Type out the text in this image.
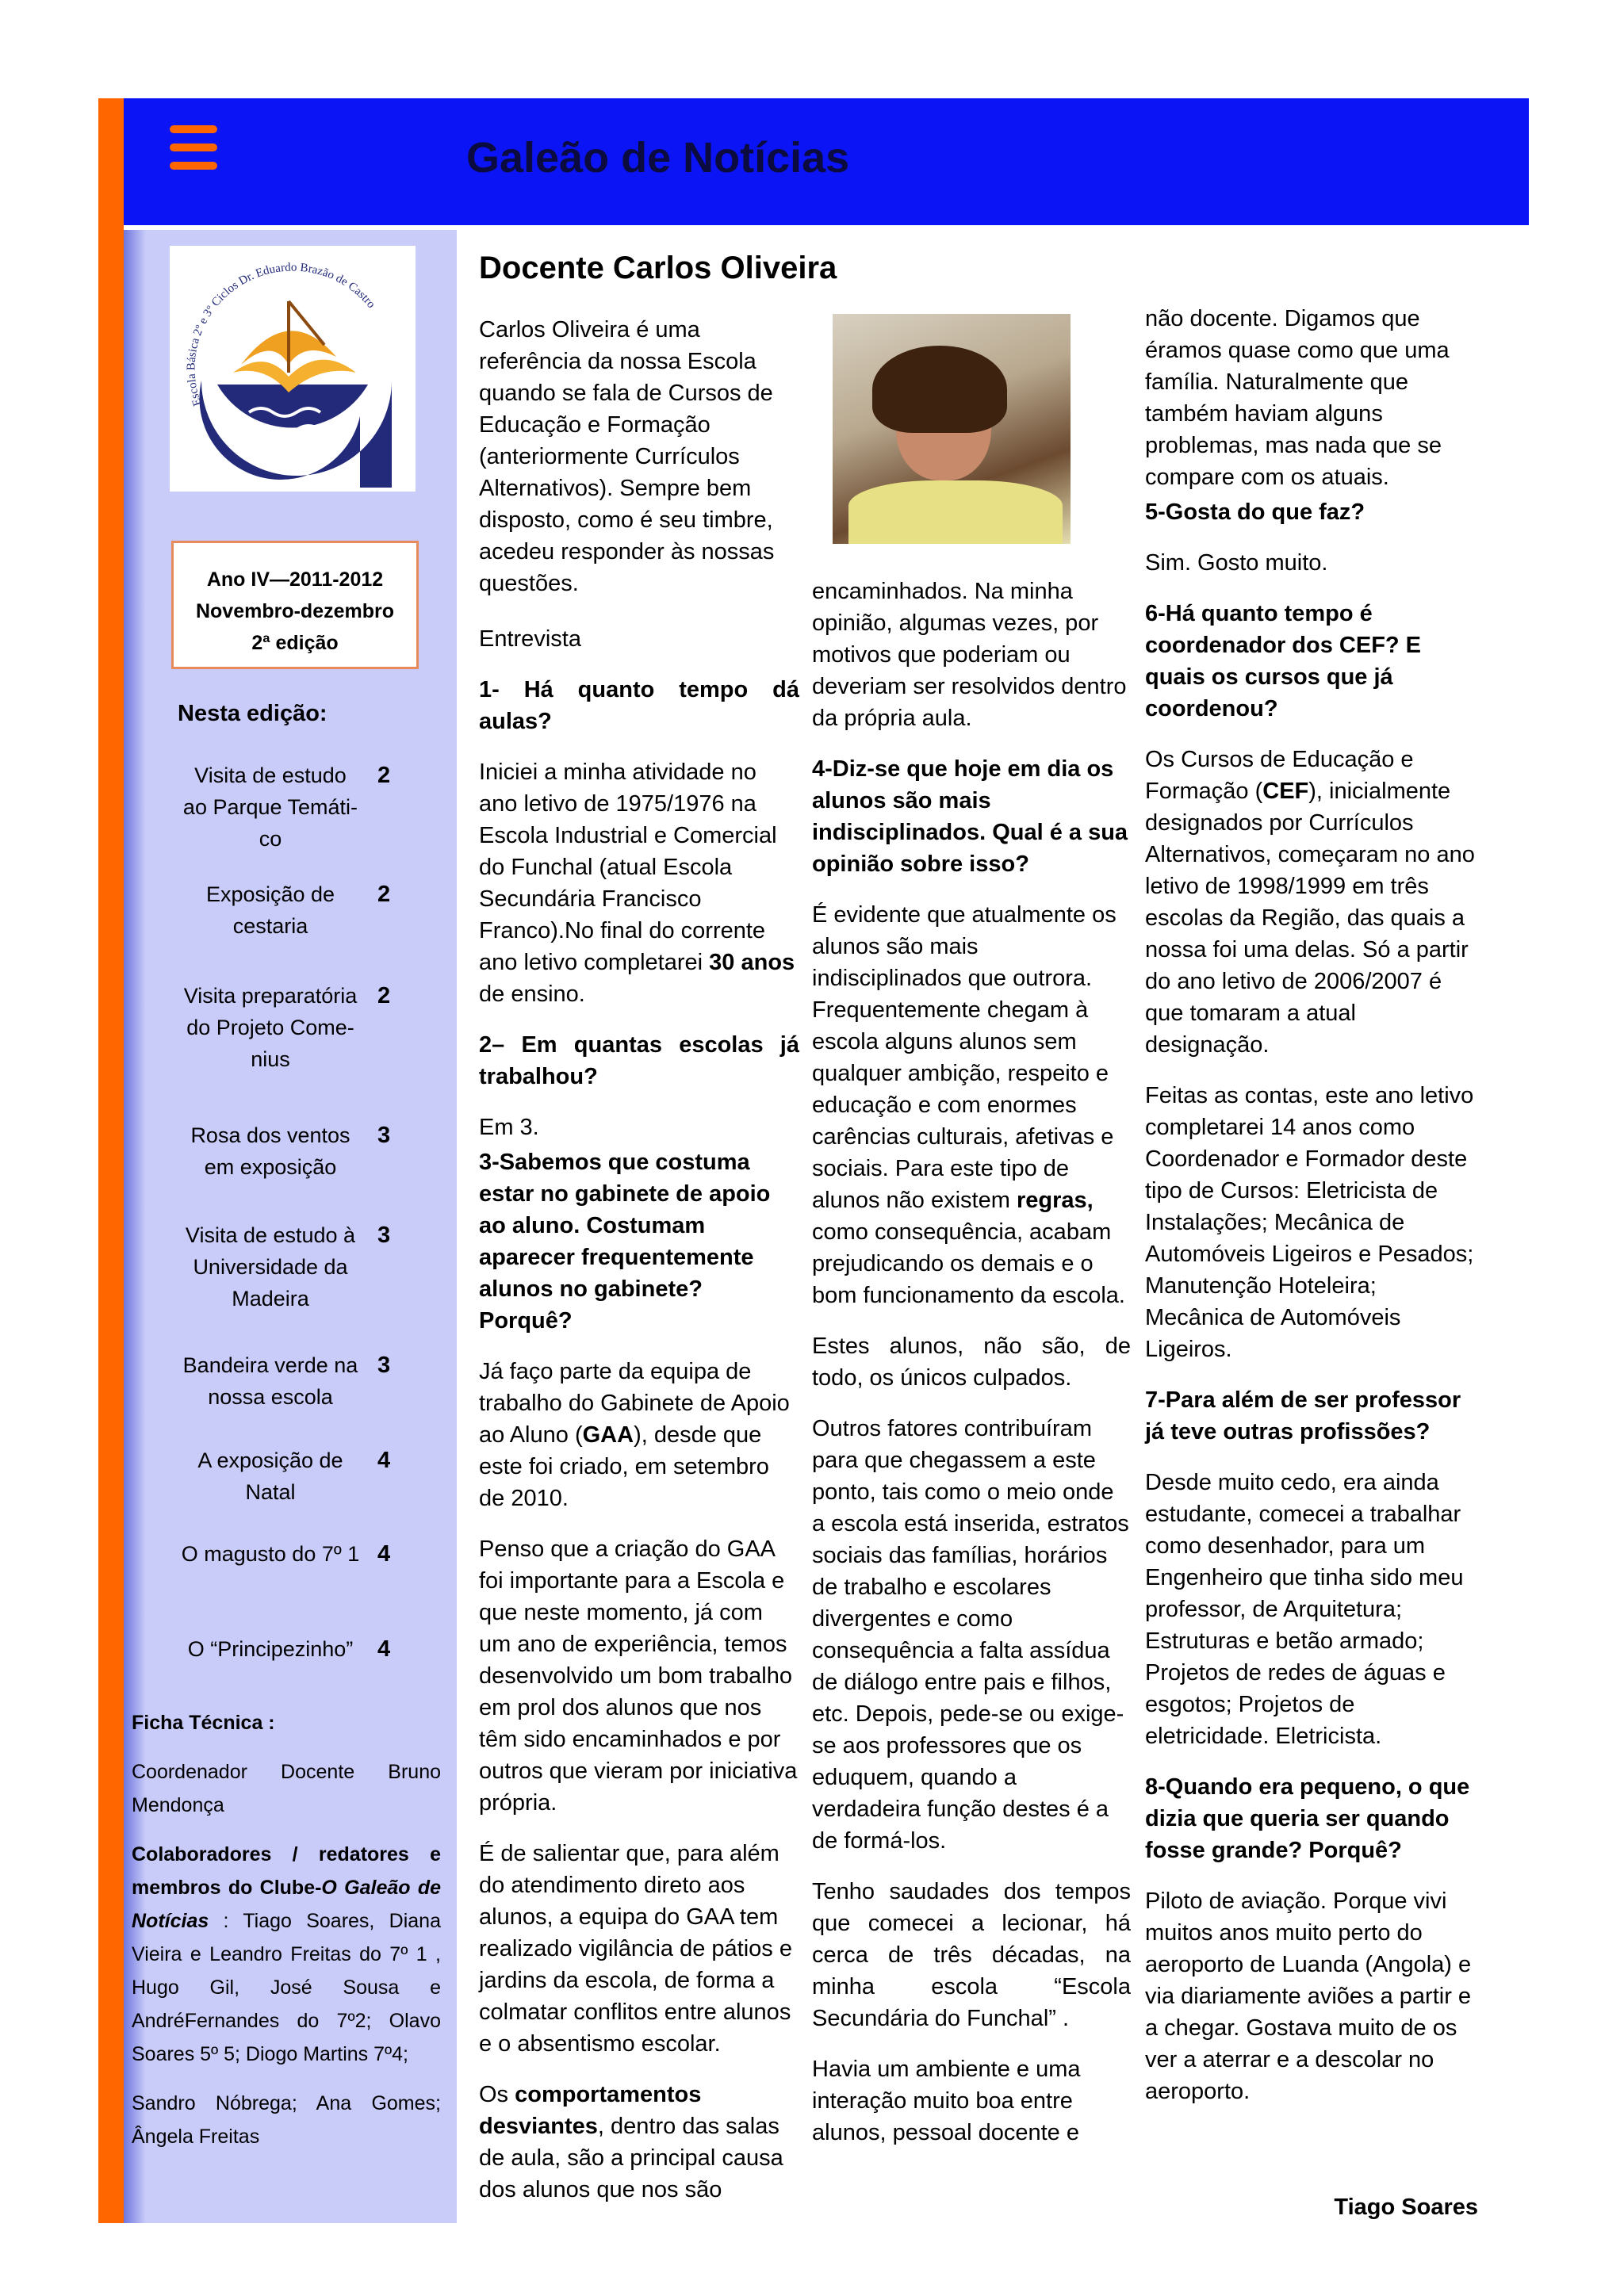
Galeão de Notícias
Escola Básica 2º e 3º Ciclos Dr. Eduardo Brazão de Castro
Ano IV—2011-2012
Novembro-dezembro
2ª edição
Nesta edição:
Visita de estudo
ao Parque Temáti-
co
2
Exposição de
cestaria
2
Visita preparatória
do Projeto Come-
nius
2
Rosa dos ventos
em exposição
3
Visita de estudo à
Universidade da
Madeira
3
Bandeira verde na
nossa escola
3
A exposição de
Natal
4
O magusto do 7º 1 4
O “Principezinho”	4
Ficha Técnica :
Coordenador Docente Bruno Mendonça
Colaboradores / redatores e membros do Clube-O Galeão de Notícias : Tiago Soares, Diana Vieira e Leandro Freitas do 7º 1 , Hugo Gil, José Sousa e AndréFernandes do 7º2; Olavo Soares 5º 5; Diogo Martins 7º4;
Sandro Nóbrega; Ana Gomes; Ângela Freitas
Docente Carlos Oliveira

Carlos Oliveira é uma referência da nossa Escola quando se fala de Cursos de Educação e Formação (anteriormente Currículos Alternativos). Sempre bem disposto, como é seu timbre, acedeu responder às nossas questões.

Entrevista

1- Há quanto tempo dá aulas?

Iniciei a minha atividade no ano letivo de 1975/1976 na Escola Industrial e Comercial do Funchal (atual Escola Secundária Francisco Franco).No final do corrente ano letivo completarei 30 anos de ensino.

2– Em quantas escolas já trabalhou?

Em 3.

3-Sabemos que costuma estar no gabinete de apoio ao aluno. Costumam aparecer frequentemente alunos no gabinete? Porquê?

Já faço parte da equipa de trabalho do Gabinete de Apoio ao Aluno (GAA), desde que este foi criado, em setembro de 2010.

Penso que a criação do GAA foi importante para a Escola e que neste momento, já com um ano de experiência, temos desenvolvido um bom trabalho em prol dos alunos que nos têm sido encaminhados e por outros que vieram por iniciativa própria.

É de salientar que, para além do atendimento direto aos alunos, a equipa do GAA tem realizado vigilância de pátios e jardins da escola, de forma a colmatar conflitos entre alunos e o absentismo escolar.

Os comportamentos desviantes, dentro das salas de aula, são a principal causa dos alunos que nos são

encaminhados. Na minha opinião, algumas vezes, por motivos que poderiam ou deveriam ser resolvidos dentro da própria aula.

4-Diz-se que hoje em dia os alunos são mais indisciplinados. Qual é a sua opinião sobre isso?

É evidente que atualmente os alunos são mais indisciplinados que outrora. Frequentemente chegam à escola alguns alunos sem qualquer ambição, respeito e educação e com enormes carências culturais, afetivas e sociais. Para este tipo de alunos não existem regras, como consequência, acabam prejudicando os demais e o bom funcionamento da escola.

Estes alunos, não são, de todo, os únicos culpados.

Outros fatores contribuíram para que chegassem a este ponto, tais como o meio onde a escola está inserida, estratos sociais das famílias, horários de trabalho e escolares divergentes e como consequência a falta assídua de diálogo entre pais e filhos, etc. Depois, pede-se ou exige-se aos professores que os eduquem, quando a verdadeira função destes é a de formá-los.

Tenho saudades dos tempos que comecei a lecionar, há cerca de três décadas, na minha escola “Escola Secundária do Funchal” .

Havia um ambiente e uma interação muito boa entre alunos, pessoal docente e

não docente. Digamos que éramos quase como que uma família. Naturalmente que também haviam alguns problemas, mas nada que se compare com os atuais.

5-Gosta do que faz?

Sim. Gosto muito.

6-Há quanto tempo é coordenador dos CEF? E quais os cursos que já coordenou?

Os Cursos de Educação e Formação (CEF), inicialmente designados por Currículos Alternativos, começaram no ano letivo de 1998/1999 em três escolas da Região, das quais a nossa foi uma delas. Só a partir do ano letivo de 2006/2007 é que tomaram a atual designação.

Feitas as contas, este ano letivo completarei 14 anos como Coordenador e Formador deste tipo de Cursos: Eletricista de Instalações; Mecânica de Automóveis Ligeiros e Pesados; Manutenção Hoteleira; Mecânica de Automóveis Ligeiros.

7-Para além de ser professor já teve outras profissões?

Desde muito cedo, era ainda estudante, comecei a trabalhar como desenhador, para um Engenheiro que tinha sido meu professor, de Arquitetura; Estruturas e betão armado; Projetos de redes de águas e esgotos; Projetos de eletricidade. Eletricista.

8-Quando era pequeno, o que dizia que queria ser quando fosse grande? Porquê?

Piloto de aviação. Porque vivi muitos anos muito perto do aeroporto de Luanda (Angola) e via diariamente aviões a partir e a chegar. Gostava muito de os ver a aterrar e a descolar no aeroporto.

Tiago Soares
